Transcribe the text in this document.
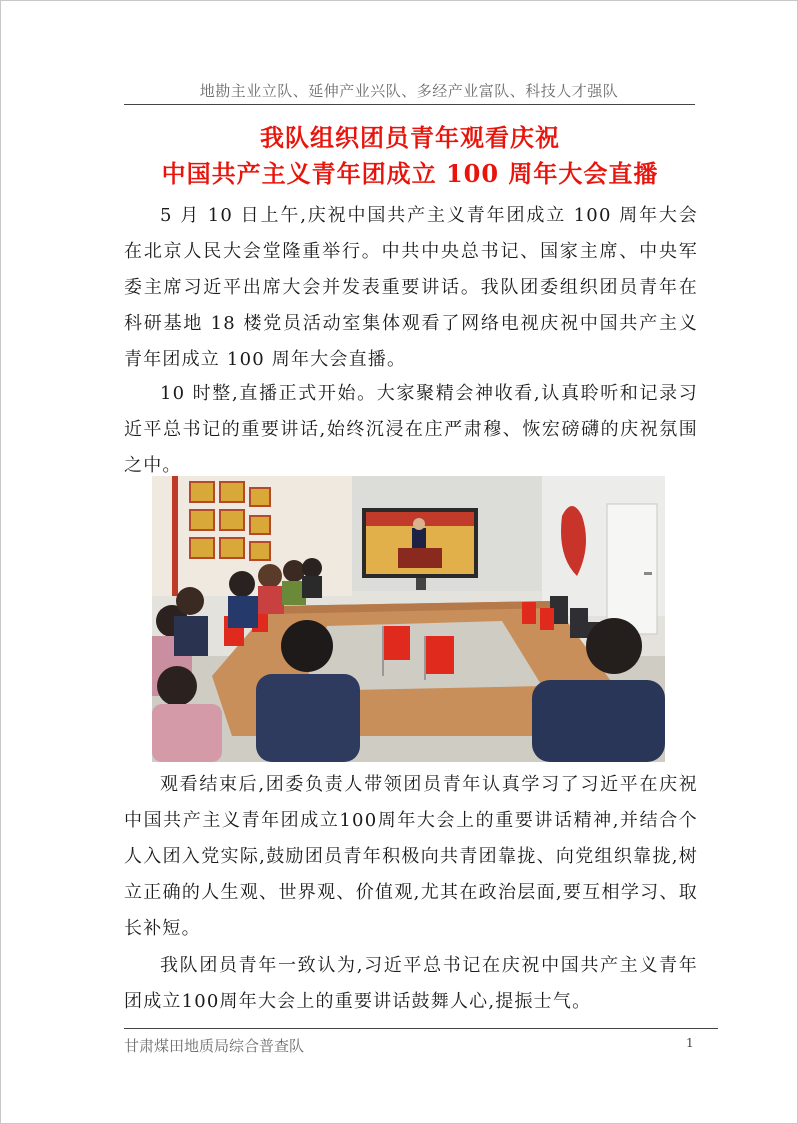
地勘主业立队、延伸产业兴队、多经产业富队、科技人才强队
我队组织团员青年观看庆祝
中国共产主义青年团成立 100 周年大会直播

5 月 10 日上午,庆祝中国共产主义青年团成立 100 周年大会在北京人民大会堂隆重举行。中共中央总书记、国家主席、中央军委主席习近平出席大会并发表重要讲话。我队团委组织团员青年在科研基地 18 楼党员活动室集体观看了网络电视庆祝中国共产主义青年团成立 100 周年大会直播。

10 时整,直播正式开始。大家聚精会神收看,认真聆听和记录习近平总书记的重要讲话,始终沉浸在庄严肃穆、恢宏磅礴的庆祝氛围之中。

观看结束后,团委负责人带领团员青年认真学习了习近平在庆祝中国共产主义青年团成立100周年大会上的重要讲话精神,并结合个人入团入党实际,鼓励团员青年积极向共青团靠拢、向党组织靠拢,树立正确的人生观、世界观、价值观,尤其在政治层面,要互相学习、取长补短。

我队团员青年一致认为,习近平总书记在庆祝中国共产主义青年团成立100周年大会上的重要讲话鼓舞人心,提振士气。

甘肃煤田地质局综合普查队	1
